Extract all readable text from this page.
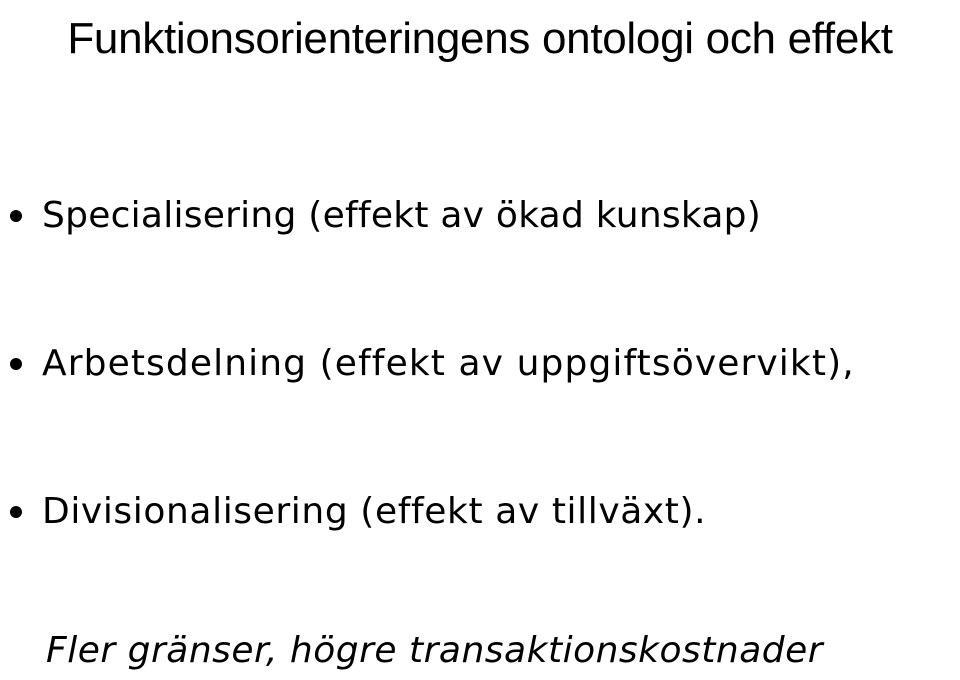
Funktionsorienteringens ontologi och effekt
Specialisering (effekt av ökad kunskap)
Arbetsdelning (effekt av uppgiftsövervikt),
Divisionalisering (effekt av tillväxt).
Fler gränser, högre transaktionskostnader
